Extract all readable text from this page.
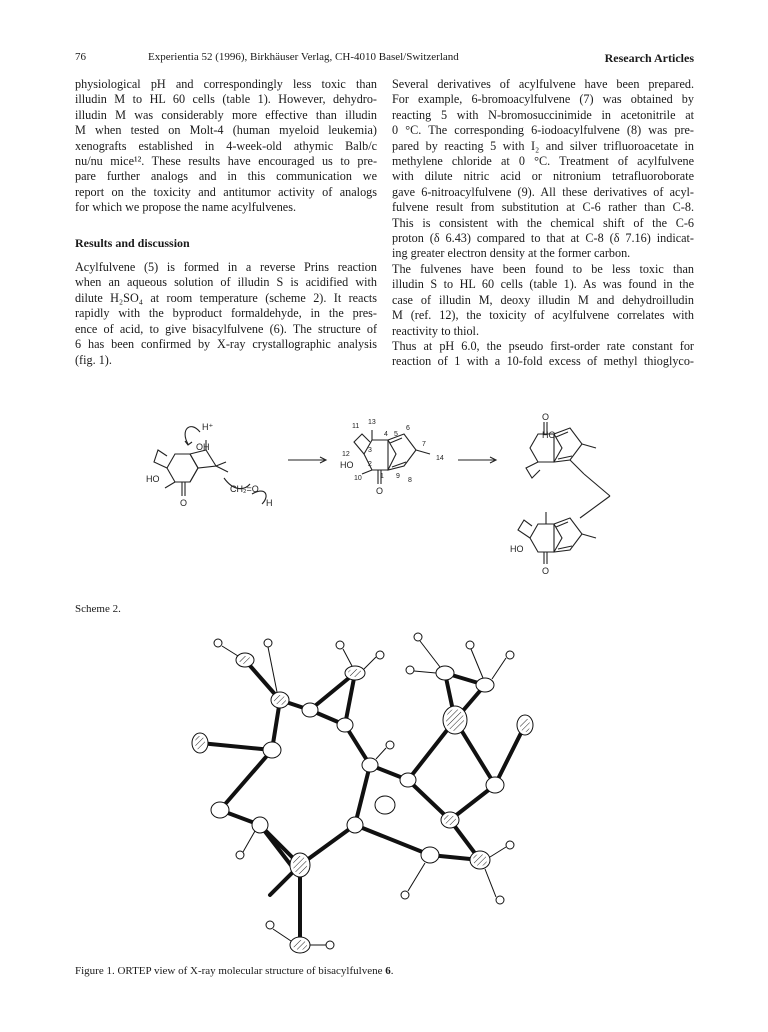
76	Experientia 52 (1996), Birkhäuser Verlag, CH-4010 Basel/Switzerland	Research Articles

physiological pH and correspondingly less toxic than
illudin M to HL 60 cells (table 1). However, dehydro-
illudin M was considerably more effective than illudin
M when tested on Molt-4 (human myeloid leukemia)
xenografts established in 4-week-old athymic Balb/c
nu/nu mice¹². These results have encouraged us to pre-
pare further analogs and in this communication we
report on the toxicity and antitumor activity of analogs
for which we propose the name acylfulvenes.

Results and discussion

Acylfulvene (5) is formed in a reverse Prins reaction
when an aqueous solution of illudin S is acidified with
dilute H₂SO₄ at room temperature (scheme 2). It reacts
rapidly with the byproduct formaldehyde, in the pres-
ence of acid, to give bisacylfulvene (6). The structure of
6 has been confirmed by X-ray crystallographic analysis
(fig. 1).

Several derivatives of acylfulvene have been prepared.
For example, 6-bromoacylfulvene (7) was obtained by
reacting 5 with N-bromosuccinimide in acetonitrile at
0 °C. The corresponding 6-iodoacylfulvene (8) was pre-
pared by reacting 5 with I₂ and silver trifluoroacetate in
methylene chloride at 0 °C. Treatment of acylfulvene
with dilute nitric acid or nitronium tetrafluoroborate
gave 6-nitroacylfulvene (9). All these derivatives of acyl-
fulvene result from substitution at C-6 rather than C-8.
This is consistent with the chemical shift of the C-6
proton (δ 6.43) compared to that at C-8 (δ 7.16) indicat-
ing greater electron density at the former carbon.

The fulvenes have been found to be less toxic than
illudin S to HL 60 cells (table 1). As was found in the
case of illudin M, deoxy illudin M and dehydroilludin
M (ref. 12), the toxicity of acylfulvene correlates with
reactivity to thiol.

Thus at pH 6.0, the pseudo first-order rate constant for
reaction of 1 with a 10-fold excess of methyl thioglyco-

H⁺
OH
HO
O
CH₂=O
H
HO
O
HO
O
HO
O
11
13
4 5
6
7
14
12
3
2
10	1 9
8
Scheme 2.
Figure 1. ORTEP view of X-ray molecular structure of bisacylfulvene 6.
